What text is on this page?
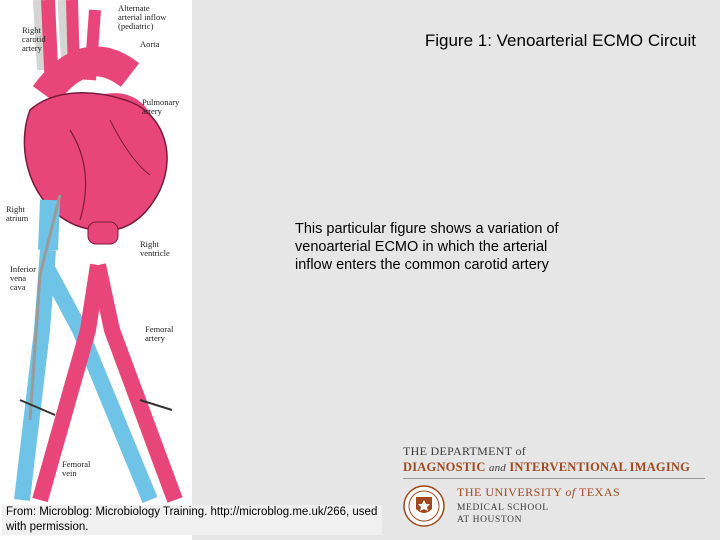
Right
carotid
artery
Alternate
arterial inflow
(pediatric)
Aorta
Pulmonary
artery
Right
atrium
Right
ventricle
Inferior
vena
cava
Femoral
artery
Femoral
vein
Figure 1: Venoarterial ECMO Circuit
This particular figure shows a variation of venoarterial ECMO in which the arterial inflow enters the common carotid artery
From: Microblog: Microbiology Training. http://microblog.me.uk/266, used with permission.
THE DEPARTMENT of
DIAGNOSTIC and INTERVENTIONAL IMAGING
THE UNIVERSITY of TEXAS
MEDICAL SCHOOL
AT HOUSTON
